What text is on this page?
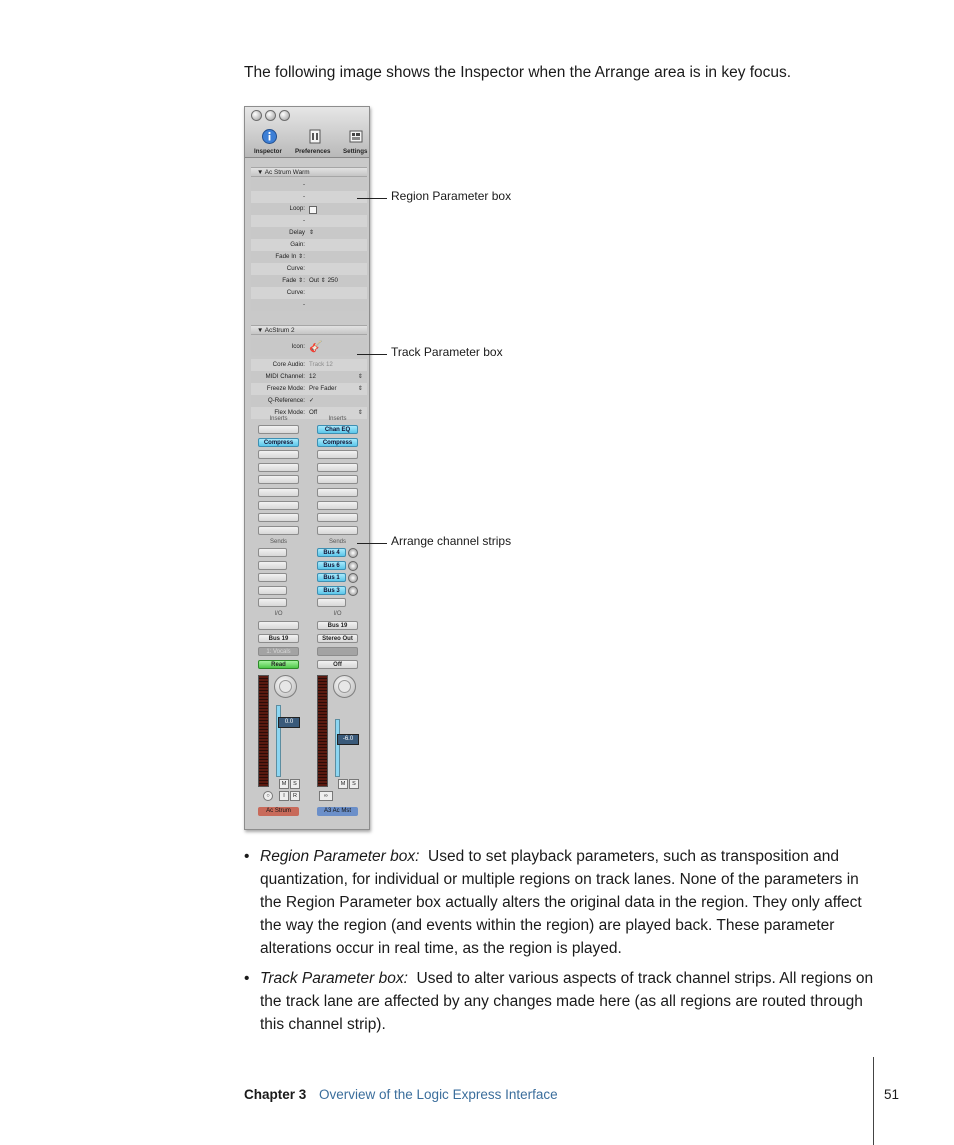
The following image shows the Inspector when the Arrange area is in key focus.
Inspector Preferences Settings
▼ Ac Strum Warm
-
-
Loop:
-
Delay ⇕
Gain:
Fade In ⇕:
Curve:
Fade ⇕: Out ⇕ 250
Curve:
-
▼ AcStrum 2
Icon: 🎸
Core Audio: Track 12
MIDI Channel: 12	⇕
Freeze Mode: Pre Fader	⇕
Q-Reference: ✓
Flex Mode: Off	⇕
Inserts
Compress
Sends
I/O
Bus 19
1: Vocals
Read
0.0
M	S
○	I	R
Ac Strum
Inserts
Chan EQ
Compress
Sends
Bus 4
Bus 6
Bus 1
Bus 3
I/O
Bus 19
Stereo Out
Off
-6.0
M	S
∞
A3 Ac Mst
Region Parameter box
Track Parameter box
Arrange channel strips
• Region Parameter box: Used to set playback parameters, such as transposition and quantization, for individual or multiple regions on track lanes. None of the parameters in the Region Parameter box actually alters the original data in the region. They only affect the way the region (and events within the region) are played back. These parameter alterations occur in real time, as the region is played.
• Track Parameter box: Used to alter various aspects of track channel strips. All regions on the track lane are affected by any changes made here (as all regions are routed through this channel strip).
Chapter 3 Overview of the Logic Express Interface	51
